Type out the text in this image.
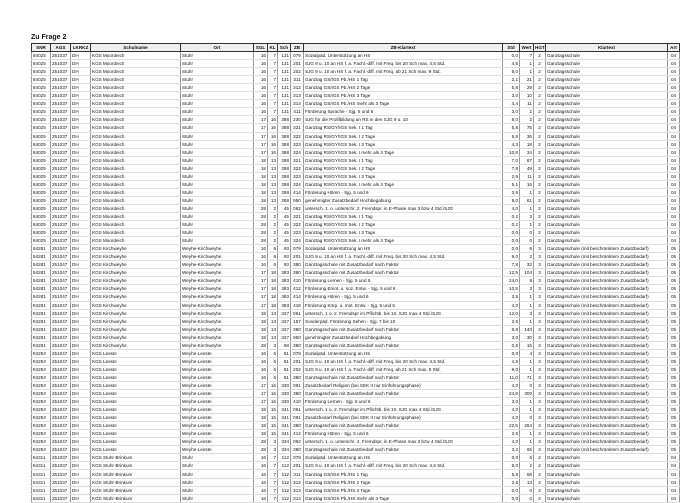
Zu Frage 2
SNR	AGS	LKRKZ	Schulname	Ort	SGL	KL	Sch	ZB	ZB-Klartext	Std	Wert	HGT	Klartext	Art
84025	251037	DH	KGS Moordeich	Stuhr	16	7	131	079	Sozialpäd. Unterstützung an HS	0,0	7	2	Ganztagsschule	04
84025	251037	DH	KGS Moordeich	Stuhr	16	7	131	201	SJG 9 u. 10 an HS f. a. Fachl.-diff. mit Freq. bis 20 Sch max. 4,5 Std.	4,5	1	2	Ganztagsschule	04
84025	251037	DH	KGS Moordeich	Stuhr	16	7	131	202	SJG 9 u. 10 an HS f. a. Fachl.-diff. mit Freq. ab 21 Sch max. 9 Std.	9,0	1	2	Ganztagsschule	04
84025	251037	DH	KGS Moordeich	Stuhr	16	7	131	311	Ganztag GS/IGS Pb./HS 1 Tag	2,1	21	2	Ganztagsschule	04
84025	251037	DH	KGS Moordeich	Stuhr	16	7	131	312	Ganztag GS/IGS Pb./HS 2 Tage	5,8	29	2	Ganztagsschule	04
84025	251037	DH	KGS Moordeich	Stuhr	16	7	131	313	Ganztag GS/IGS Pb./HS 3 Tage	3,0	10	2	Ganztagsschule	04
84025	251037	DH	KGS Moordeich	Stuhr	16	7	131	314	Ganztag GS/IGS Pb./HS mehr als 3 Tage	4,4	11	2	Ganztagsschule	04
84025	251037	DH	KGS Moordeich	Stuhr	16	7	131	411	Förderung Sprache - Sjg. 5 und 6	3,0	1	2	Ganztagsschule	04
84025	251037	DH	KGS Moordeich	Stuhr	17	16	388	230	SJG für die Profilbildung an RS in den SJG 9 u. 10	8,0	2	2	Ganztagsschule	04
84025	251037	DH	KGS Moordeich	Stuhr	17	16	388	321	Ganztag RS/GY/IGS Sek. I 1 Tag	5,8	75	2	Ganztagsschule	04
84025	251037	DH	KGS Moordeich	Stuhr	17	16	388	322	Ganztag RS/GY/IGS Sek. I 2 Tage	5,8	36	2	Ganztagsschule	04
84025	251037	DH	KGS Moordeich	Stuhr	17	16	388	323	Ganztag RS/GY/IGS Sek. I 3 Tage	4,3	18	2	Ganztagsschule	04
84025	251037	DH	KGS Moordeich	Stuhr	17	16	388	324	Ganztag RS/GY/IGS Sek. I mehr als 3 Tage	10,8	34	2	Ganztagsschule	04
84025	251037	DH	KGS Moordeich	Stuhr	18	13	288	321	Ganztag RS/GY/IGS Sek. I 1 Tag	7,0	87	2	Ganztagsschule	04
84025	251037	DH	KGS Moordeich	Stuhr	18	13	288	322	Ganztag RS/GY/IGS Sek. I 2 Tage	7,8	49	2	Ganztagsschule	04
84025	251037	DH	KGS Moordeich	Stuhr	18	13	288	323	Ganztag RS/GY/IGS Sek. I 3 Tage	2,6	11	2	Ganztagsschule	04
84025	251037	DH	KGS Moordeich	Stuhr	18	13	288	324	Ganztag RS/GY/IGS Sek. I mehr als 3 Tage	5,1	16	2	Ganztagsschule	04
84025	251037	DH	KGS Moordeich	Stuhr	18	13	288	414	Förderung Hören - Sjg. 5 und 6	3,5	1	2	Ganztagsschule	04
84025	251037	DH	KGS Moordeich	Stuhr	18	13	288	950	genehmigter Zusatzbedarf Hochbegabung	9,0	61	2	Ganztagsschule	04
84025	251037	DH	KGS Moordeich	Stuhr	28	2	45	062	untersch. 1. o. unterschr. 2. Fremdspr. in E-Phase max 3 bzw 4 Std./SJG	4,0	1	2	Ganztagsschule	04
84025	251037	DH	KGS Moordeich	Stuhr	28	2	45	321	Ganztag RS/GY/IGS Sek. I 1 Tag	0,2	3	2	Ganztagsschule	04
84025	251037	DH	KGS Moordeich	Stuhr	28	2	45	322	Ganztag RS/GY/IGS Sek. I 2 Tage	0,2	1	2	Ganztagsschule	04
84025	251037	DH	KGS Moordeich	Stuhr	28	2	45	323	Ganztag RS/GY/IGS Sek. I 3 Tage	0,0	0	2	Ganztagsschule	04
84025	251037	DH	KGS Moordeich	Stuhr	28	2	45	324	Ganztag RS/GY/IGS Sek. I mehr als 3 Tage	0,0	0	2	Ganztagsschule	04
84281	251047	DH	KGS Kirchweyhe	Weyhe-Kirchweyhe	16	6	93	079	Sozialpäd. Unterstützung an HS	0,0	6	3	Ganztagsschule (mit beschränktem Zusatzbedarf)	05
84281	251047	DH	KGS Kirchweyhe	Weyhe-Kirchweyhe	16	6	93	201	SJG 9 u. 10 an HS f. a. Fachl.-diff. mit Freq. bis 20 Sch max. 4,5 Std.	9,0	2	3	Ganztagsschule (mit beschränktem Zusatzbedarf)	05
84281	251047	DH	KGS Kirchweyhe	Weyhe-Kirchweyhe	16	6	93	380	Ganztagsschule mit Zusatzbedarf nach Faktor	7,8	32	3	Ganztagsschule (mit beschränktem Zusatzbedarf)	05
84281	251047	DH	KGS Kirchweyhe	Weyhe-Kirchweyhe	17	18	383	380	Ganztagsschule mit Zusatzbedarf nach Faktor	12,5	104	3	Ganztagsschule (mit beschränktem Zusatzbedarf)	05
84281	251047	DH	KGS Kirchweyhe	Weyhe-Kirchweyhe	17	18	383	410	Förderung Lernen - Sjg. 5 und 6	24,0	8	3	Ganztagsschule (mit beschränktem Zusatzbedarf)	05
84281	251047	DH	KGS Kirchweyhe	Weyhe-Kirchweyhe	17	18	383	412	Förderung Emot. u. soz. Entw. - Sjg. 5 und 6	10,5	3	3	Ganztagsschule (mit beschränktem Zusatzbedarf)	05
84281	251047	DH	KGS Kirchweyhe	Weyhe-Kirchweyhe	17	18	383	414	Förderung Hören - Sjg. 5 und 6	3,5	1	3	Ganztagsschule (mit beschränktem Zusatzbedarf)	05
84281	251047	DH	KGS Kirchweyhe	Weyhe-Kirchweyhe	17	18	383	416	Förderung Körp. u. mot. Entw. - Sjg. 5 und 6	4,0	1	3	Ganztagsschule (mit beschränktem Zusatzbedarf)	05
84281	251047	DH	KGS Kirchweyhe	Weyhe-Kirchweyhe	18	13	327	061	untersch. 1 o. 2. Fremdspr im Pflichtb. bis 10. SJG max 4 Std./SJG	12,0	3	3	Ganztagsschule (mit beschränktem Zusatzbedarf)	05
84281	251047	DH	KGS Kirchweyhe	Weyhe-Kirchweyhe	18	13	327	157	Sonderpäd. Förderung Sehen - Sjg. 7 bis 10	3,5	1	3	Ganztagsschule (mit beschränktem Zusatzbedarf)	05
84281	251047	DH	KGS Kirchweyhe	Weyhe-Kirchweyhe	18	13	327	380	Ganztagsschule mit Zusatzbedarf nach Faktor	8,8	140	3	Ganztagsschule (mit beschränktem Zusatzbedarf)	05
84281	251047	DH	KGS Kirchweyhe	Weyhe-Kirchweyhe	18	13	327	950	genehmigter Zusatzbedarf Hochbegabung	3,0	30	3	Ganztagsschule (mit beschränktem Zusatzbedarf)	05
84281	251047	DH	KGS Kirchweyhe	Weyhe-Kirchweyhe	28	3	68	380	Ganztagsschule mit Zusatzbedarf nach Faktor	0,6	15	3	Ganztagsschule (mit beschränktem Zusatzbedarf)	05
84293	251047	DH	KGS Leeste	Weyhe-Leeste	16	6	81	079	Sozialpäd. Unterstützung an HS	0,0	4	3	Ganztagsschule (mit beschränktem Zusatzbedarf)	05
84293	251047	DH	KGS Leeste	Weyhe-Leeste	16	6	81	201	SJG 9 u. 10 an HS f. a. Fachl.-diff. mit Freq. bis 20 Sch max. 4,5 Std.	4,5	1	3	Ganztagsschule (mit beschränktem Zusatzbedarf)	05
84293	251047	DH	KGS Leeste	Weyhe-Leeste	16	6	81	202	SJG 9 u. 10 an HS f. a. Fachl.-diff. mit Freq. ab 21 Sch max. 9 Std.	9,0	1	3	Ganztagsschule (mit beschränktem Zusatzbedarf)	05
84293	251047	DH	KGS Leeste	Weyhe-Leeste	16	6	81	380	Ganztagsschule mit Zusatzbedarf nach Faktor	11,0	71	3	Ganztagsschule (mit beschränktem Zusatzbedarf)	05
84293	251047	DH	KGS Leeste	Weyhe-Leeste	17	16	330	091	Zusatzbedarf Religion (bei SEK II nur Einführungsphase)	4,0	0	3	Ganztagsschule (mit beschränktem Zusatzbedarf)	05
84293	251047	DH	KGS Leeste	Weyhe-Leeste	17	16	330	380	Ganztagsschule mit Zusatzbedarf nach Faktor	24,6	300	3	Ganztagsschule (mit beschränktem Zusatzbedarf)	05
84293	251047	DH	KGS Leeste	Weyhe-Leeste	17	16	330	410	Förderung Lernen - Sjg. 5 und 6	3,0	1	3	Ganztagsschule (mit beschränktem Zusatzbedarf)	05
84293	251047	DH	KGS Leeste	Weyhe-Leeste	18	15	341	061	untersch. 1 o. 2. Fremdspr im Pflichtb. bis 10. SJG max 4 Std./SJG	4,0	1	3	Ganztagsschule (mit beschränktem Zusatzbedarf)	05
84293	251047	DH	KGS Leeste	Weyhe-Leeste	18	15	341	091	Zusatzbedarf Religion (bei SEK II nur Einführungsphase)	4,0	0	3	Ganztagsschule (mit beschränktem Zusatzbedarf)	05
84293	251047	DH	KGS Leeste	Weyhe-Leeste	18	15	341	380	Ganztagsschule mit Zusatzbedarf nach Faktor	22,5	284	3	Ganztagsschule (mit beschränktem Zusatzbedarf)	05
84293	251047	DH	KGS Leeste	Weyhe-Leeste	18	15	341	414	Förderung Hören - Sjg. 5 und 6	3,5	1	3	Ganztagsschule (mit beschränktem Zusatzbedarf)	05
84293	251047	DH	KGS Leeste	Weyhe-Leeste	28	3	334	062	untersch. 1. o. unterschr. 2. Fremdspr. in E-Phase max 3 bzw 4 Std./SJG	4,0	1	3	Ganztagsschule (mit beschränktem Zusatzbedarf)	05
84293	251047	DH	KGS Leeste	Weyhe-Leeste	28	3	334	380	Ganztagsschule mit Zusatzbedarf nach Faktor	3,2	65	3	Ganztagsschule (mit beschränktem Zusatzbedarf)	05
84311	251037	DH	KGS Stuhr-Brinkum	Stuhr	16	7	112	079	Sozialpäd. Unterstützung an HS	0,0	6	2	Ganztagsschule	04
84311	251037	DH	KGS Stuhr-Brinkum	Stuhr	16	7	112	201	SJG 9 u. 10 an HS f. a. Fachl.-diff. mit Freq. bis 20 Sch max. 4,5 Std.	8,0	2	2	Ganztagsschule	04
84311	251037	DH	KGS Stuhr-Brinkum	Stuhr	16	7	112	311	Ganztag GS/IGS Pb./HS 1 Tag	5,8	58	2	Ganztagsschule	04
84311	251037	DH	KGS Stuhr-Brinkum	Stuhr	16	7	112	312	Ganztag GS/IGS Pb./HS 2 Tage	2,6	13	2	Ganztagsschule	04
84311	251037	DH	KGS Stuhr-Brinkum	Stuhr	16	7	112	313	Ganztag GS/IGS Pb./HS 3 Tage	0,0	0	2	Ganztagsschule	04
84311	251037	DH	KGS Stuhr-Brinkum	Stuhr	16	7	112	314	Ganztag GS/IGS Pb./HS mehr als 3 Tage	0,0	0	2	Ganztagsschule	04
